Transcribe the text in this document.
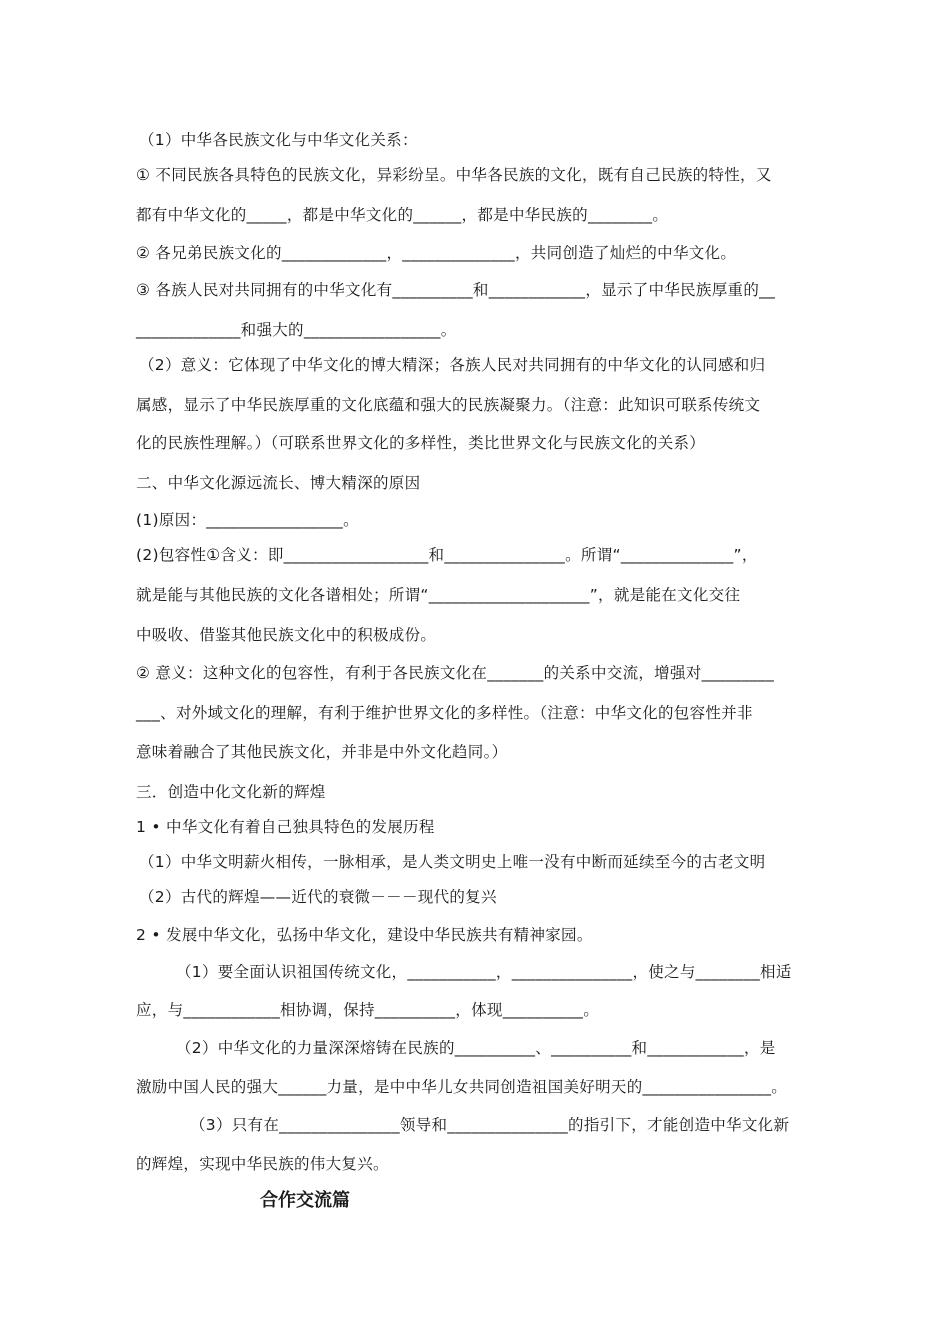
（1）中华各民族文化与中华文化关系：
① 不同民族各具特色的民族文化，异彩纷呈。中华各民族的文化，既有自己民族的特性，又
都有中华文化的_____，都是中华文化的______，都是中华民族的________。
② 各兄弟民族文化的_____________，______________，共同创造了灿烂的中华文化。
③ 各族人民对共同拥有的中华文化有__________和____________，显示了中华民族厚重的__
_____________和强大的_________________。
（2）意义：它体现了中华文化的博大精深；各族人民对共同拥有的中华文化的认同感和归
属感，显示了中华民族厚重的文化底蕴和强大的民族凝聚力。（注意：此知识可联系传统文
化的民族性理解。）（可联系世界文化的多样性，类比世界文化与民族文化的关系）
二、中华文化源远流长、博大精深的原因
(1)原因：_________________。
(2)包容性①含义：即__________________和_______________。所谓“______________”，
就是能与其他民族的文化各谱相处；所谓“____________________”，就是能在文化交往
中吸收、借鉴其他民族文化中的积极成份。
② 意义：这种文化的包容性，有利于各民族文化在_______的关系中交流，增强对_________
___、对外域文化的理解，有利于维护世界文化的多样性。（注意：中华文化的包容性并非
意味着融合了其他民族文化，并非是中外文化趋同。）
三．创造中化文化新的辉煌
1 • 中华文化有着自己独具特色的发展历程
（1）中华文明薪火相传，一脉相承，是人类文明史上唯一没有中断而延续至今的古老文明
（2）古代的辉煌——近代的衰微－－－现代的复兴
2 • 发展中华文化，弘扬中华文化，建设中华民族共有精神家园。
（1）要全面认识祖国传统文化，___________，_______________，使之与________相适
应，与____________相协调，保持__________，体现__________。
（2）中华文化的力量深深熔铸在民族的__________、__________和____________，是
激励中国人民的强大______力量，是中中华儿女共同创造祖国美好明天的________________。
（3）只有在_______________领导和_______________的指引下，才能创造中华文化新
的辉煌，实现中华民族的伟大复兴。
合作交流篇
